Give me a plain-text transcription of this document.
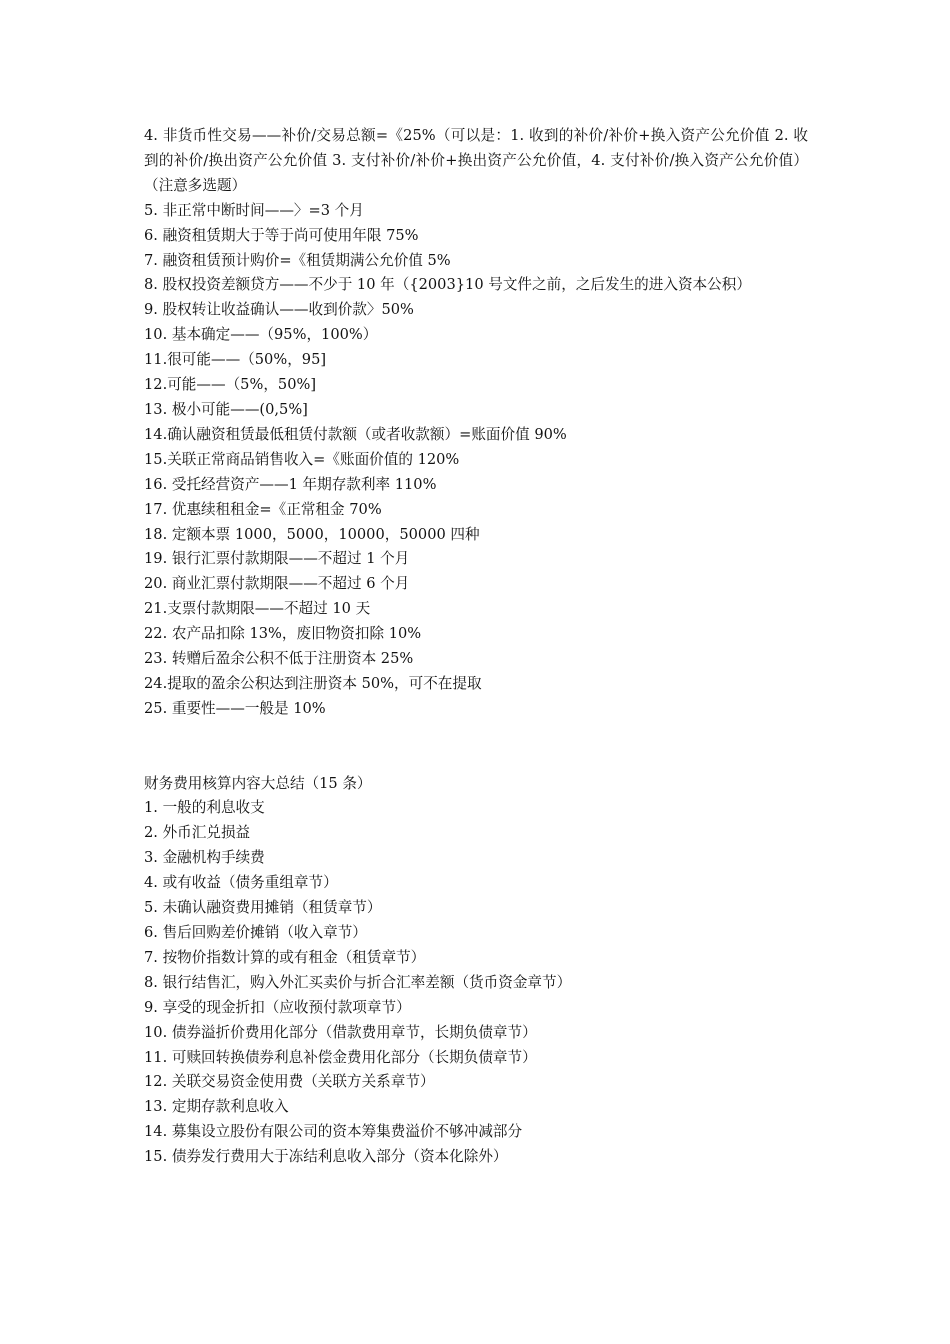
4. 非货币性交易——补价/交易总额=《25%（可以是：1. 收到的补价/补价+换入资产公允价值 2. 收到的补价/换出资产公允价值 3. 支付补价/补价+换出资产公允价值，4. 支付补价/换入资产公允价值）（注意多选题）
5. 非正常中断时间——〉=3 个月
6. 融资租赁期大于等于尚可使用年限 75%
7. 融资租赁预计购价=《租赁期满公允价值 5%
8. 股权投资差额贷方——不少于 10 年（{2003}10 号文件之前，之后发生的进入资本公积）
9. 股权转让收益确认——收到价款〉50%
10. 基本确定——（95%，100%）
11.很可能——（50%，95]
12.可能——（5%，50%]
13. 极小可能——(0,5%]
14.确认融资租赁最低租赁付款额（或者收款额）=账面价值 90%
15.关联正常商品销售收入=《账面价值的 120%
16. 受托经营资产——1 年期存款利率 110%
17. 优惠续租租金=《正常租金 70%
18. 定额本票 1000，5000，10000，50000 四种
19. 银行汇票付款期限——不超过 1 个月
20. 商业汇票付款期限——不超过 6 个月
21.支票付款期限——不超过 10 天
22. 农产品扣除 13%，废旧物资扣除 10%
23. 转赠后盈余公积不低于注册资本 25%
24.提取的盈余公积达到注册资本 50%，可不在提取
25. 重要性——一般是 10%
财务费用核算内容大总结（15 条）
1. 一般的利息收支
2. 外币汇兑损益
3. 金融机构手续费
4. 或有收益（债务重组章节）
5. 未确认融资费用摊销（租赁章节）
6. 售后回购差价摊销（收入章节）
7. 按物价指数计算的或有租金（租赁章节）
8. 银行结售汇，购入外汇买卖价与折合汇率差额（货币资金章节）
9. 享受的现金折扣（应收预付款项章节）
10. 债券溢折价费用化部分（借款费用章节，长期负债章节）
11. 可赎回转换债券利息补偿金费用化部分（长期负债章节）
12. 关联交易资金使用费（关联方关系章节）
13. 定期存款利息收入
14. 募集设立股份有限公司的资本筹集费溢价不够冲减部分
15. 债券发行费用大于冻结利息收入部分（资本化除外）
